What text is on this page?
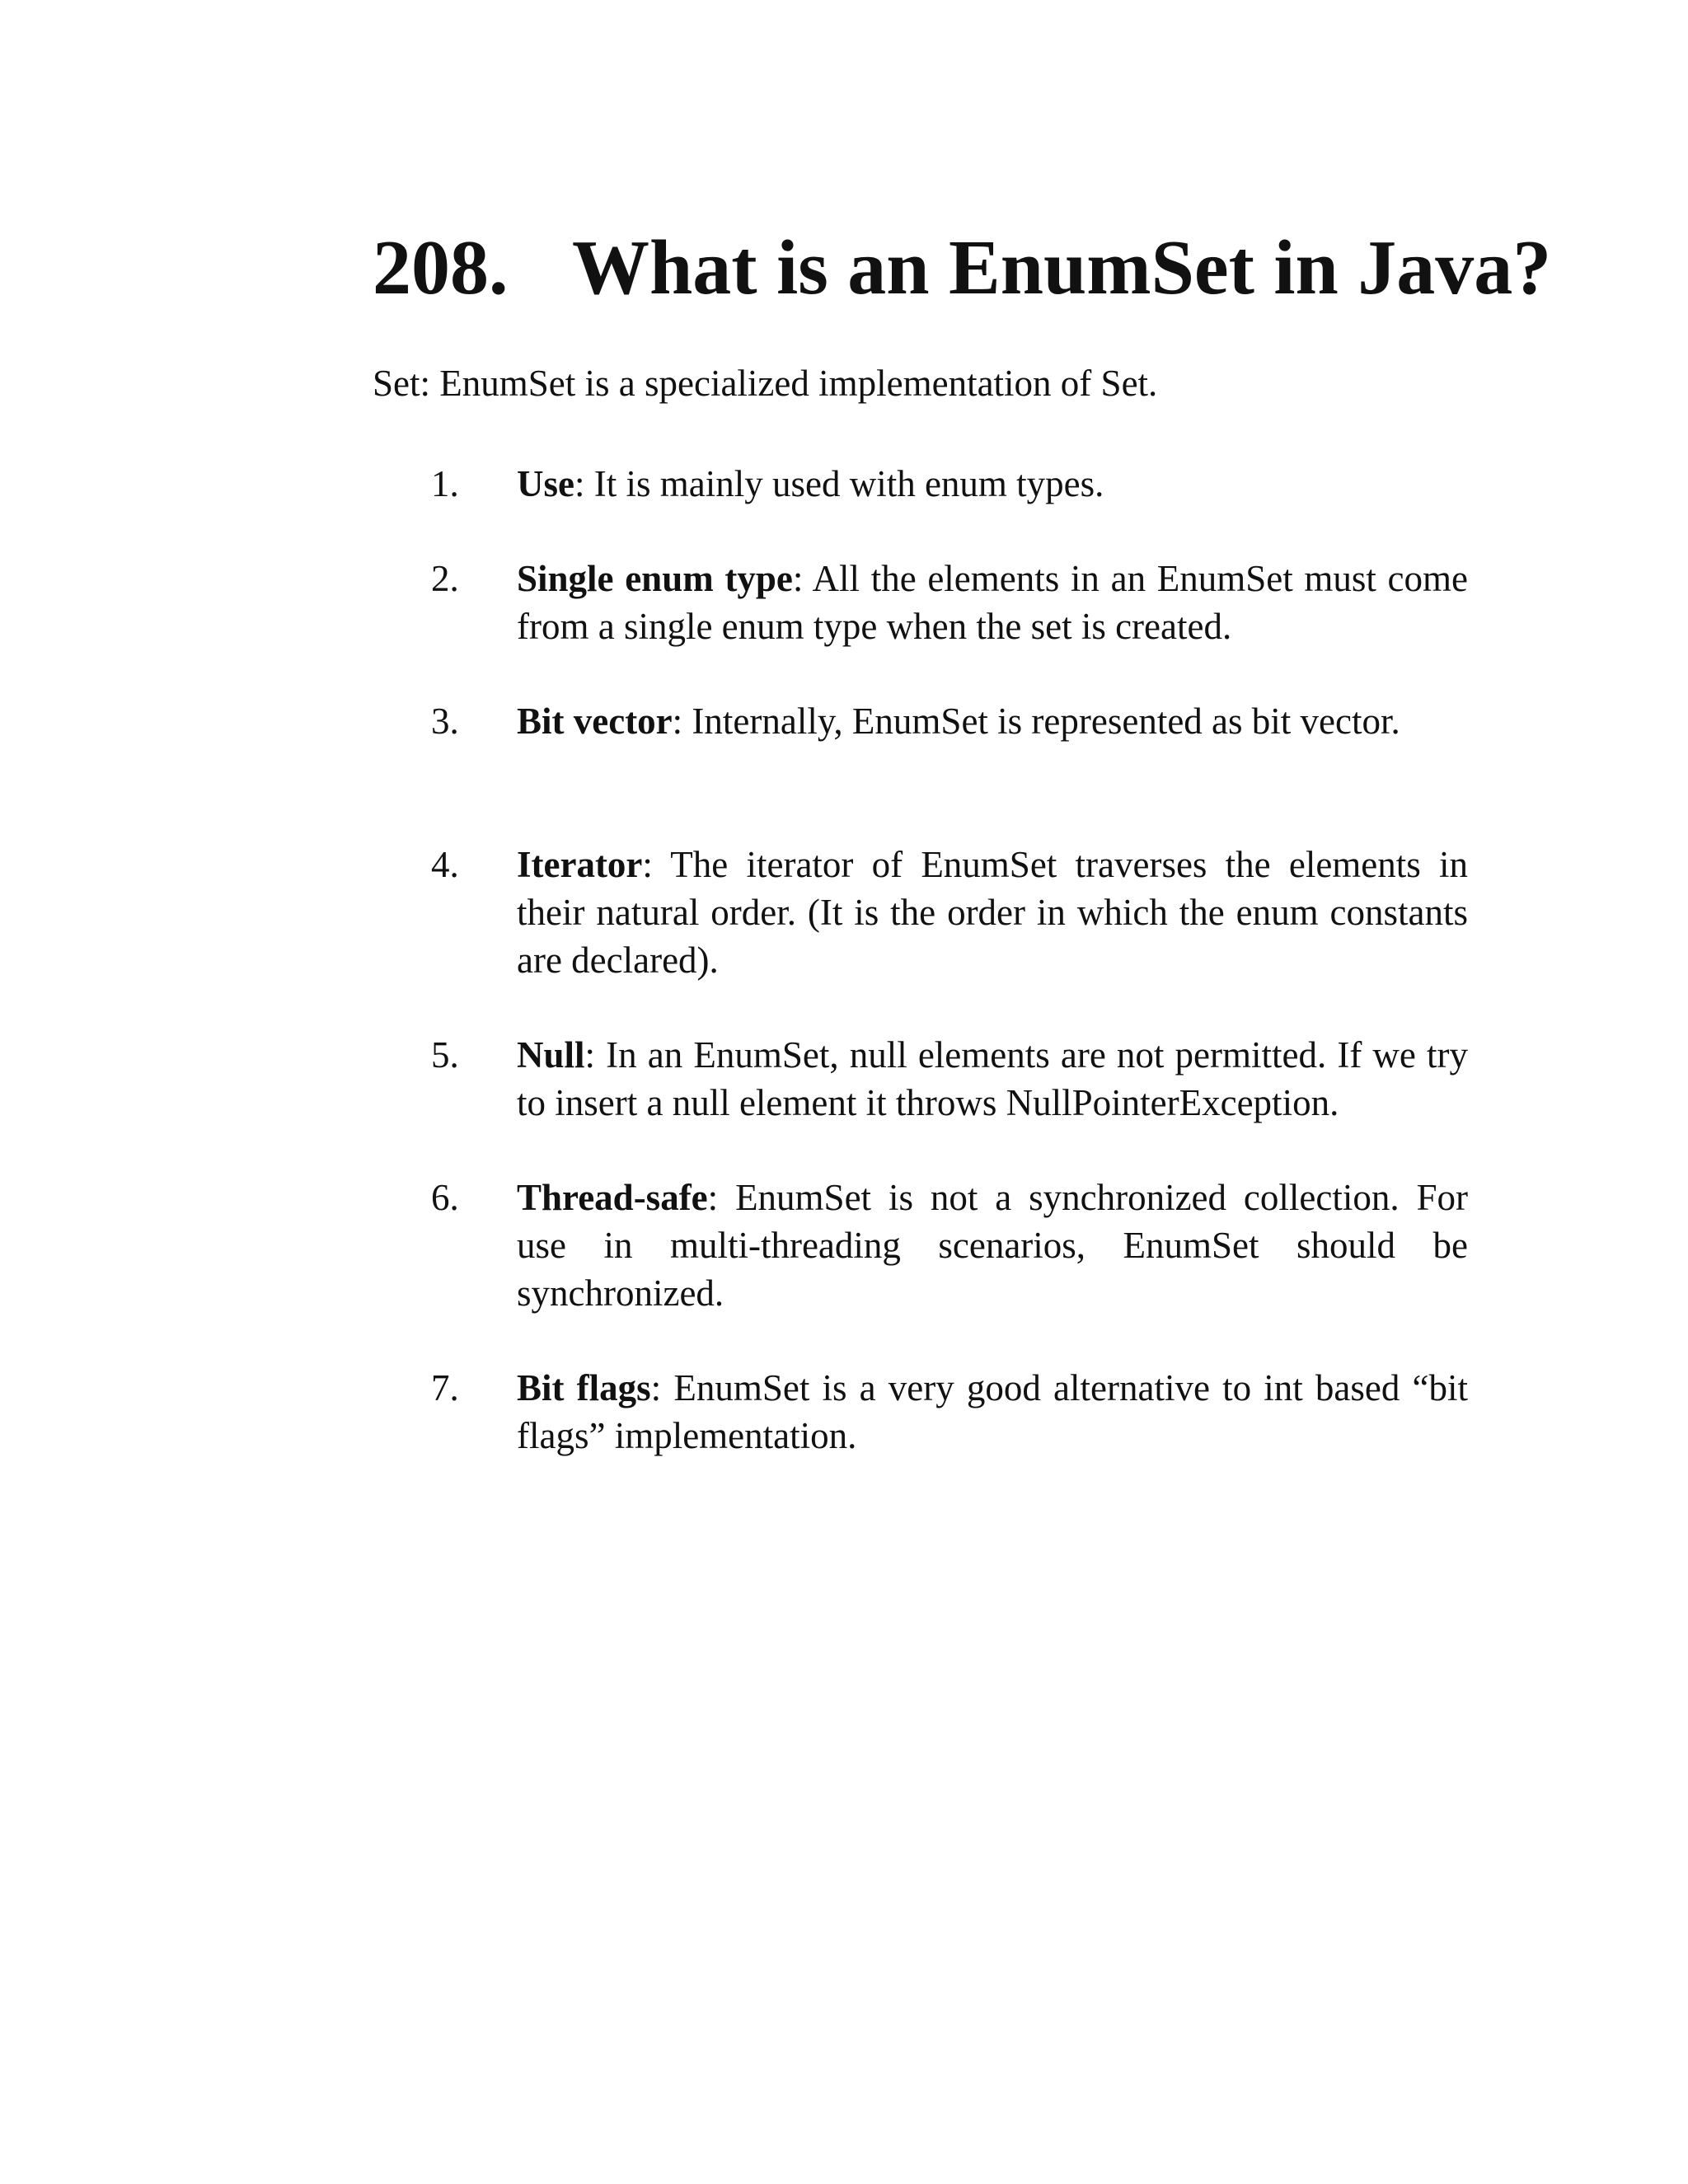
208. What is an EnumSet in Java?

Set: EnumSet is a specialized implementation of Set.

1. Use: It is mainly used with enum types.
2. Single enum type: All the elements in an EnumSet must come from a single enum type when the set is created.
3. Bit vector: Internally, EnumSet is represented as bit vector.
4. Iterator: The iterator of EnumSet traverses the elements in their natural order. (It is the order in which the enum constants are declared).
5. Null: In an EnumSet, null elements are not permitted. If we try to insert a null element it throws NullPointerException.
6. Thread-safe: EnumSet is not a synchronized collection. For use in multi-threading scenarios, EnumSet should be synchronized.
7. Bit flags: EnumSet is a very good alternative to int based “bit flags” implementation.
